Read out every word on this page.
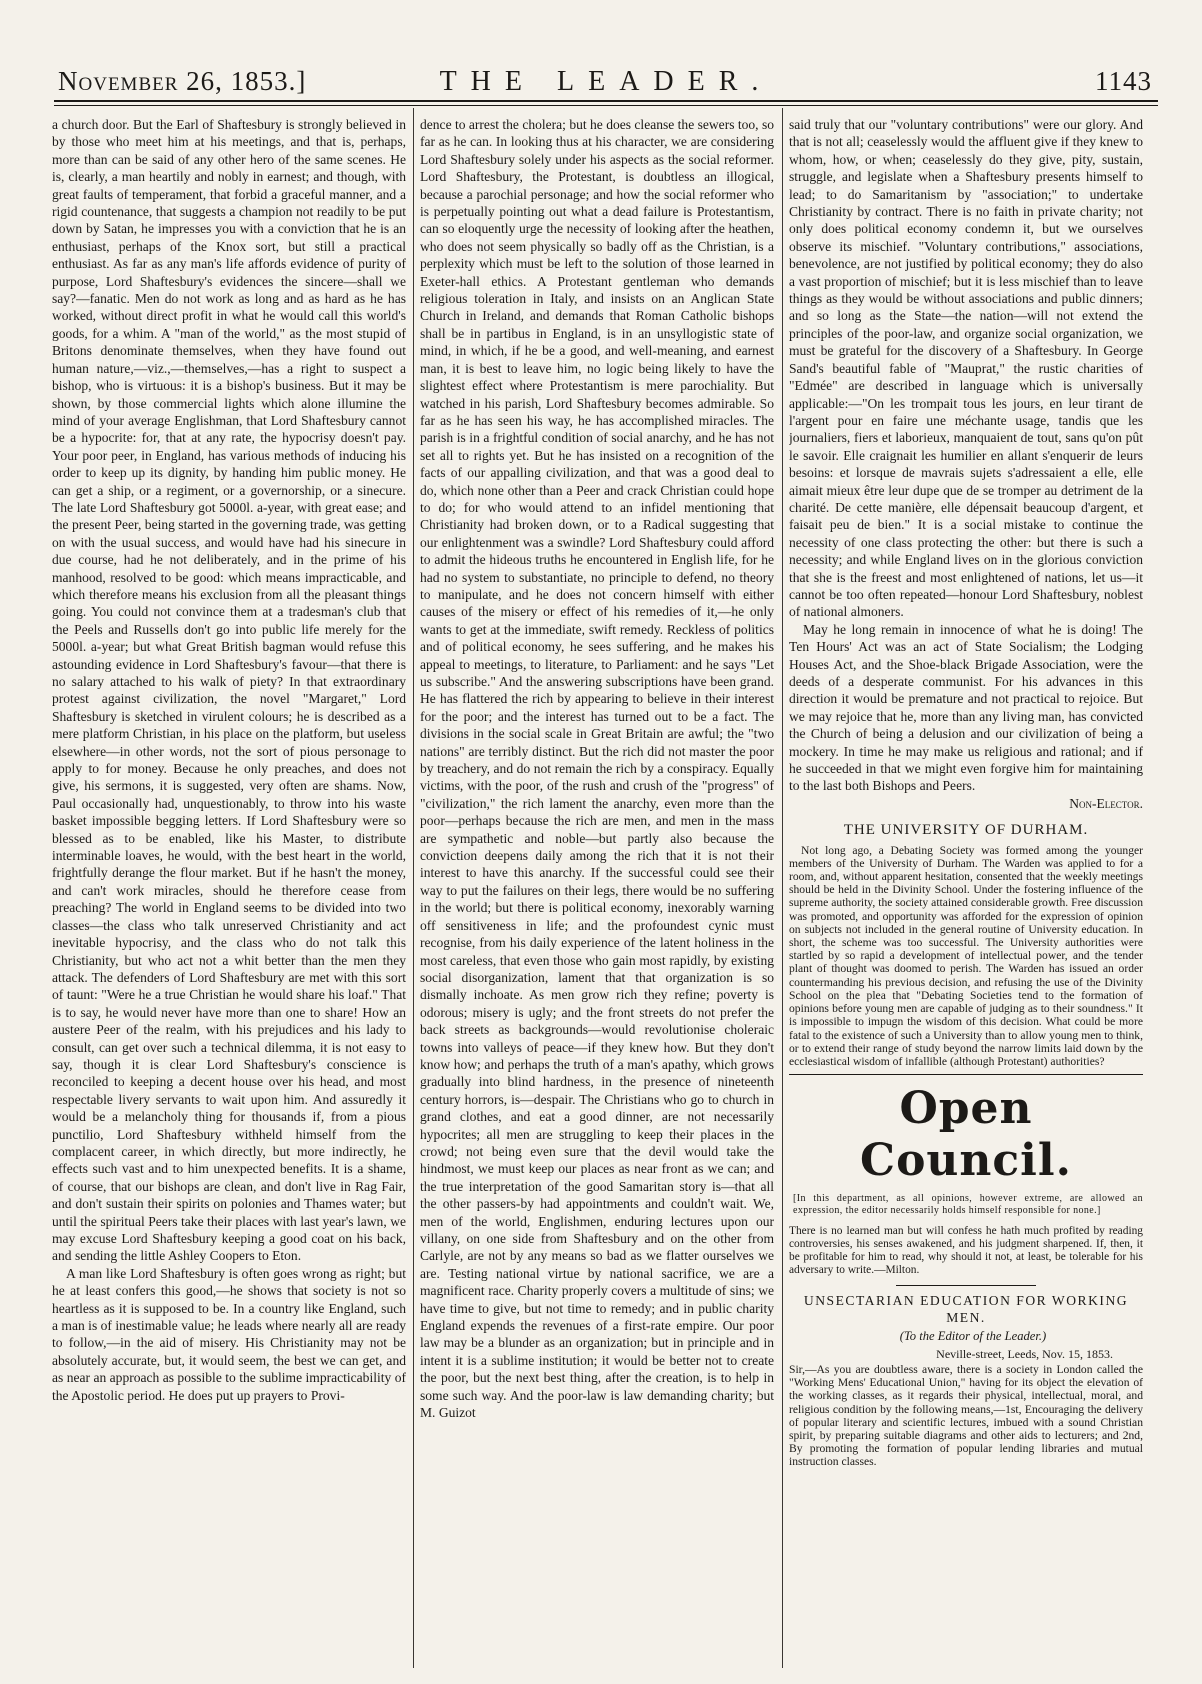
November 26, 1853.]	THE LEADER.	1143

a church door. But the Earl of Shaftesbury is strongly believed in by those who meet him at his meetings, and that is, perhaps, more than can be said of any other hero of the same scenes. He is, clearly, a man heartily and nobly in earnest; and though, with great faults of temperament, that forbid a graceful manner, and a rigid countenance, that suggests a champion not readily to be put down by Satan, he impresses you with a conviction that he is an enthusiast, perhaps of the Knox sort, but still a practical enthusiast. As far as any man's life affords evidence of purity of purpose, Lord Shaftesbury's evidences the sincere—shall we say?—fanatic. Men do not work as long and as hard as he has worked, without direct profit in what he would call this world's goods, for a whim. A "man of the world," as the most stupid of Britons denominate themselves, when they have found out human nature,—viz.,—themselves,—has a right to suspect a bishop, who is virtuous: it is a bishop's business. But it may be shown, by those commercial lights which alone illumine the mind of your average Englishman, that Lord Shaftesbury cannot be a hypocrite: for, that at any rate, the hypocrisy doesn't pay. Your poor peer, in England, has various methods of inducing his order to keep up its dignity, by handing him public money. He can get a ship, or a regiment, or a governorship, or a sinecure. The late Lord Shaftesbury got 5000l. a-year, with great ease; and the present Peer, being started in the governing trade, was getting on with the usual success, and would have had his sinecure in due course, had he not deliberately, and in the prime of his manhood, resolved to be good: which means impracticable, and which therefore means his exclusion from all the pleasant things going. You could not convince them at a tradesman's club that the Peels and Russells don't go into public life merely for the 5000l. a-year; but what Great British bagman would refuse this astounding evidence in Lord Shaftesbury's favour—that there is no salary attached to his walk of piety? In that extraordinary protest against civilization, the novel "Margaret," Lord Shaftesbury is sketched in virulent colours; he is described as a mere platform Christian, in his place on the platform, but useless elsewhere—in other words, not the sort of pious personage to apply to for money. Because he only preaches, and does not give, his sermons, it is suggested, very often are shams. Now, Paul occasionally had, unquestionably, to throw into his waste basket impossible begging letters. If Lord Shaftesbury were so blessed as to be enabled, like his Master, to distribute interminable loaves, he would, with the best heart in the world, frightfully derange the flour market. But if he hasn't the money, and can't work miracles, should he therefore cease from preaching? The world in England seems to be divided into two classes—the class who talk unreserved Christianity and act inevitable hypocrisy, and the class who do not talk this Christianity, but who act not a whit better than the men they attack. The defenders of Lord Shaftesbury are met with this sort of taunt: "Were he a true Christian he would share his loaf." That is to say, he would never have more than one to share! How an austere Peer of the realm, with his prejudices and his lady to consult, can get over such a technical dilemma, it is not easy to say, though it is clear Lord Shaftesbury's conscience is reconciled to keeping a decent house over his head, and most respectable livery servants to wait upon him. And assuredly it would be a melancholy thing for thousands if, from a pious punctilio, Lord Shaftesbury withheld himself from the complacent career, in which directly, but more indirectly, he effects such vast and to him unexpected benefits. It is a shame, of course, that our bishops are clean, and don't live in Rag Fair, and don't sustain their spirits on polonies and Thames water; but until the spiritual Peers take their places with last year's lawn, we may excuse Lord Shaftesbury keeping a good coat on his back, and sending the little Ashley Coopers to Eton.

A man like Lord Shaftesbury is often goes wrong as right; but he at least confers this good,—he shows that society is not so heartless as it is supposed to be. In a country like England, such a man is of inestimable value; he leads where nearly all are ready to follow,—in the aid of misery. His Christianity may not be absolutely accurate, but, it would seem, the best we can get, and as near an approach as possible to the sublime impracticability of the Apostolic period. He does put up prayers to Provi-

dence to arrest the cholera; but he does cleanse the sewers too, so far as he can. In looking thus at his character, we are considering Lord Shaftesbury solely under his aspects as the social reformer. Lord Shaftesbury, the Protestant, is doubtless an illogical, because a parochial personage; and how the social reformer who is perpetually pointing out what a dead failure is Protestantism, can so eloquently urge the necessity of looking after the heathen, who does not seem physically so badly off as the Christian, is a perplexity which must be left to the solution of those learned in Exeter-hall ethics. A Protestant gentleman who demands religious toleration in Italy, and insists on an Anglican State Church in Ireland, and demands that Roman Catholic bishops shall be in partibus in England, is in an unsyllogistic state of mind, in which, if he be a good, and well-meaning, and earnest man, it is best to leave him, no logic being likely to have the slightest effect where Protestantism is mere parochiality. But watched in his parish, Lord Shaftesbury becomes admirable. So far as he has seen his way, he has accomplished miracles. The parish is in a frightful condition of social anarchy, and he has not set all to rights yet. But he has insisted on a recognition of the facts of our appalling civilization, and that was a good deal to do, which none other than a Peer and crack Christian could hope to do; for who would attend to an infidel mentioning that Christianity had broken down, or to a Radical suggesting that our enlightenment was a swindle? Lord Shaftesbury could afford to admit the hideous truths he encountered in English life, for he had no system to substantiate, no principle to defend, no theory to manipulate, and he does not concern himself with either causes of the misery or effect of his remedies of it,—he only wants to get at the immediate, swift remedy. Reckless of politics and of political economy, he sees suffering, and he makes his appeal to meetings, to literature, to Parliament: and he says "Let us subscribe." And the answering subscriptions have been grand. He has flattered the rich by appearing to believe in their interest for the poor; and the interest has turned out to be a fact. The divisions in the social scale in Great Britain are awful; the "two nations" are terribly distinct. But the rich did not master the poor by treachery, and do not remain the rich by a conspiracy. Equally victims, with the poor, of the rush and crush of the "progress" of "civilization," the rich lament the anarchy, even more than the poor—perhaps because the rich are men, and men in the mass are sympathetic and noble—but partly also because the conviction deepens daily among the rich that it is not their interest to have this anarchy. If the successful could see their way to put the failures on their legs, there would be no suffering in the world; but there is political economy, inexorably warning off sensitiveness in life; and the profoundest cynic must recognise, from his daily experience of the latent holiness in the most careless, that even those who gain most rapidly, by existing social disorganization, lament that that organization is so dismally inchoate. As men grow rich they refine; poverty is odorous; misery is ugly; and the front streets do not prefer the back streets as backgrounds—would revolutionise choleraic towns into valleys of peace—if they knew how. But they don't know how; and perhaps the truth of a man's apathy, which grows gradually into blind hardness, in the presence of nineteenth century horrors, is—despair. The Christians who go to church in grand clothes, and eat a good dinner, are not necessarily hypocrites; all men are struggling to keep their places in the crowd; not being even sure that the devil would take the hindmost, we must keep our places as near front as we can; and the true interpretation of the good Samaritan story is—that all the other passers-by had appointments and couldn't wait. We, men of the world, Englishmen, enduring lectures upon our villany, on one side from Shaftesbury and on the other from Carlyle, are not by any means so bad as we flatter ourselves we are. Testing national virtue by national sacrifice, we are a magnificent race. Charity properly covers a multitude of sins; we have time to give, but not time to remedy; and in public charity England expends the revenues of a first-rate empire. Our poor law may be a blunder as an organization; but in principle and in intent it is a sublime institution; it would be better not to create the poor, but the next best thing, after the creation, is to help in some such way. And the poor-law is law demanding charity; but M. Guizot

said truly that our "voluntary contributions" were our glory. And that is not all; ceaselessly would the affluent give if they knew to whom, how, or when; ceaselessly do they give, pity, sustain, struggle, and legislate when a Shaftesbury presents himself to lead; to do Samaritanism by "association;" to undertake Christianity by contract. There is no faith in private charity; not only does political economy condemn it, but we ourselves observe its mischief. "Voluntary contributions," associations, benevolence, are not justified by political economy; they do also a vast proportion of mischief; but it is less mischief than to leave things as they would be without associations and public dinners; and so long as the State—the nation—will not extend the principles of the poor-law, and organize social organization, we must be grateful for the discovery of a Shaftesbury. In George Sand's beautiful fable of "Mauprat," the rustic charities of "Edmée" are described in language which is universally applicable:—"On les trompait tous les jours, en leur tirant de l'argent pour en faire une méchante usage, tandis que les journaliers, fiers et laborieux, manquaient de tout, sans qu'on pût le savoir. Elle craignait les humilier en allant s'enquerir de leurs besoins: et lorsque de mavrais sujets s'adressaient a elle, elle aimait mieux être leur dupe que de se tromper au detriment de la charité. De cette manière, elle dépensait beaucoup d'argent, et faisait peu de bien." It is a social mistake to continue the necessity of one class protecting the other: but there is such a necessity; and while England lives on in the glorious conviction that she is the freest and most enlightened of nations, let us—it cannot be too often repeated—honour Lord Shaftesbury, noblest of national almoners.

May he long remain in innocence of what he is doing! The Ten Hours' Act was an act of State Socialism; the Lodging Houses Act, and the Shoe-black Brigade Association, were the deeds of a desperate communist. For his advances in this direction it would be premature and not practical to rejoice. But we may rejoice that he, more than any living man, has convicted the Church of being a delusion and our civilization of being a mockery. In time he may make us religious and rational; and if he succeeded in that we might even forgive him for maintaining to the last both Bishops and Peers.

Non-Elector.

THE UNIVERSITY OF DURHAM.

Not long ago, a Debating Society was formed among the younger members of the University of Durham. The Warden was applied to for a room, and, without apparent hesitation, consented that the weekly meetings should be held in the Divinity School. Under the fostering influence of the supreme authority, the society attained considerable growth. Free discussion was promoted, and opportunity was afforded for the expression of opinion on subjects not included in the general routine of University education. In short, the scheme was too successful. The University authorities were startled by so rapid a development of intellectual power, and the tender plant of thought was doomed to perish. The Warden has issued an order countermanding his previous decision, and refusing the use of the Divinity School on the plea that "Debating Societies tend to the formation of opinions before young men are capable of judging as to their soundness." It is impossible to impugn the wisdom of this decision. What could be more fatal to the existence of such a University than to allow young men to think, or to extend their range of study beyond the narrow limits laid down by the ecclesiastical wisdom of infallible (although Protestant) authorities?

Open Council.
[In this department, as all opinions, however extreme, are allowed an expression, the editor necessarily holds himself responsible for none.]
There is no learned man but will confess he hath much profited by reading controversies, his senses awakened, and his judgment sharpened. If, then, it be profitable for him to read, why should it not, at least, be tolerable for his adversary to write.—Milton.
UNSECTARIAN EDUCATION FOR WORKING MEN.

(To the Editor of the Leader.)

Neville-street, Leeds, Nov. 15, 1853.

Sir,—As you are doubtless aware, there is a society in London called the "Working Mens' Educational Union," having for its object the elevation of the working classes, as it regards their physical, intellectual, moral, and religious condition by the following means,—1st, Encouraging the delivery of popular literary and scientific lectures, imbued with a sound Christian spirit, by preparing suitable diagrams and other aids to lecturers; and 2nd, By promoting the formation of popular lending libraries and mutual instruction classes.
